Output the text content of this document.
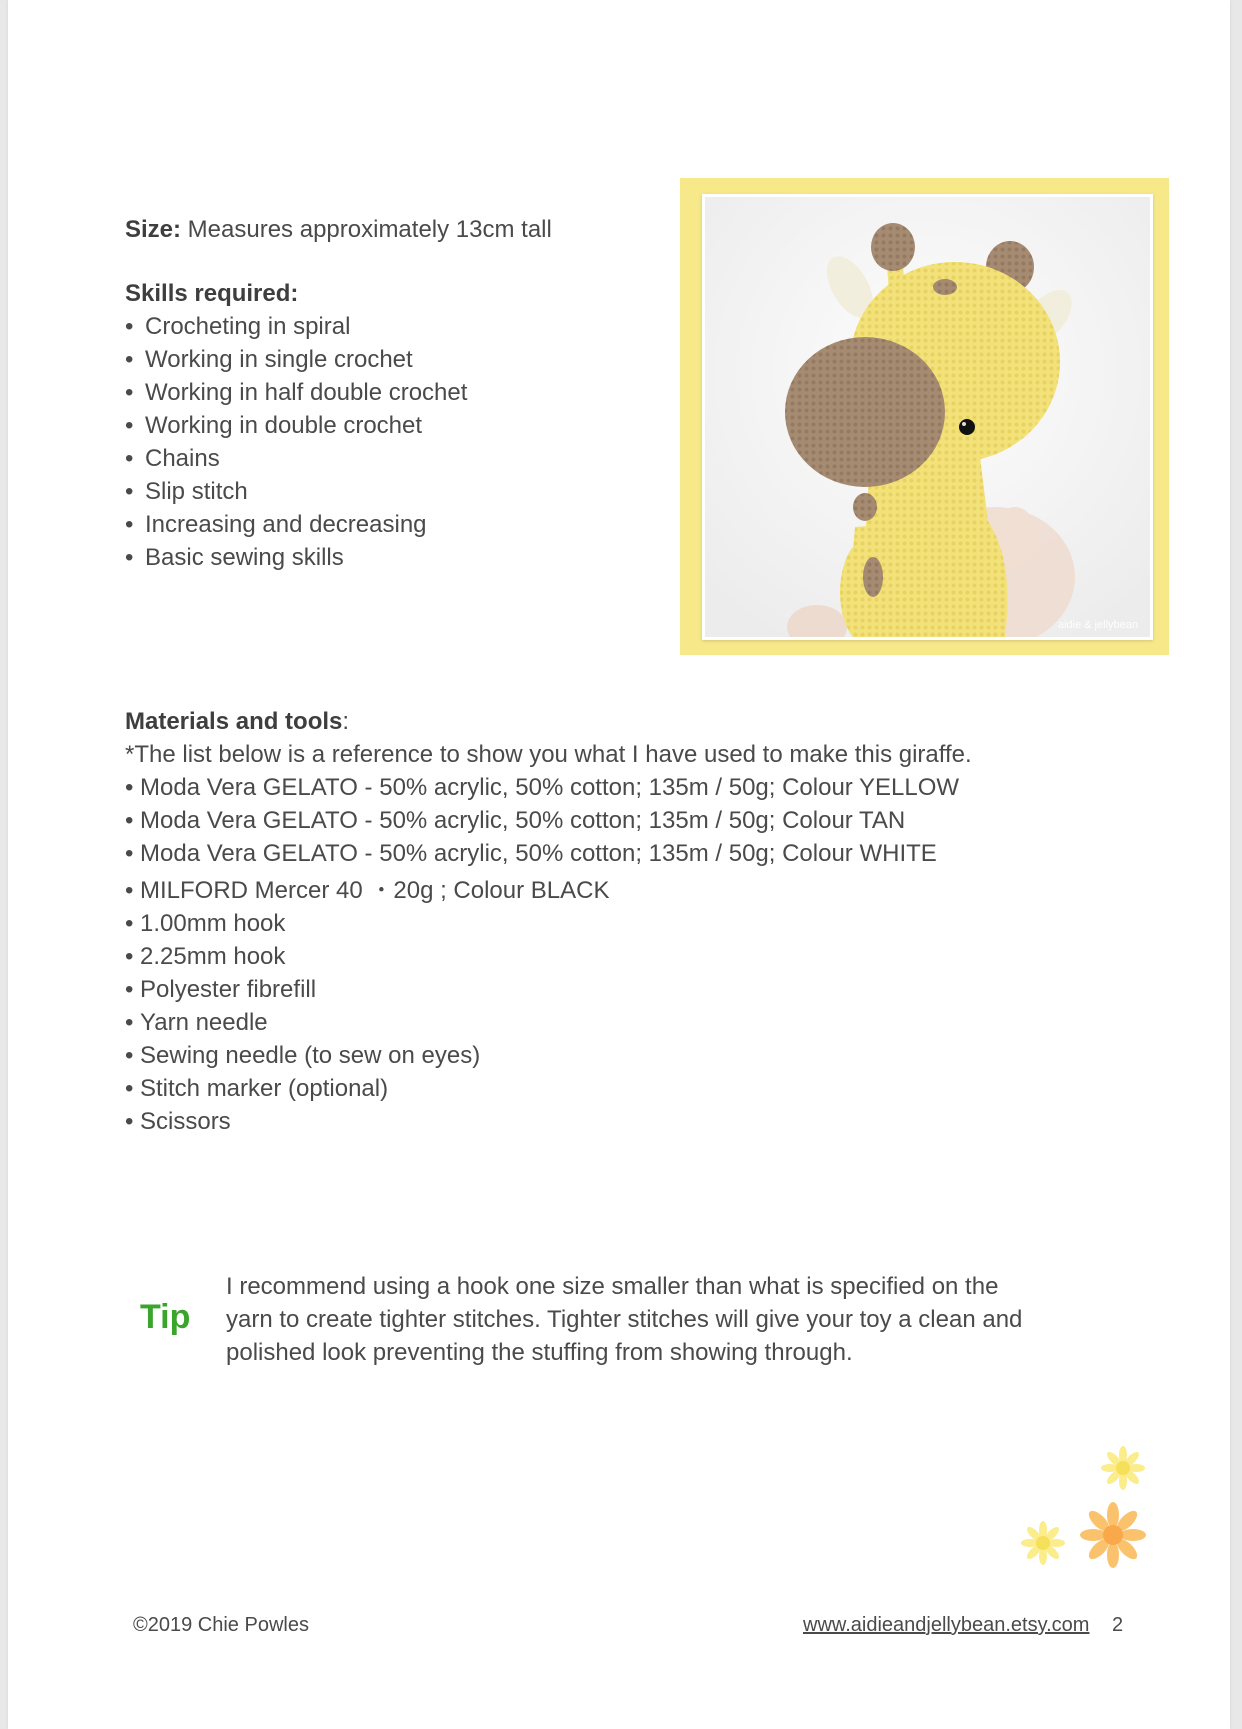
Size: Measures approximately 13cm tall
Skills required:
• Crocheting in spiral
• Working in single crochet
• Working in half double crochet
• Working in double crochet
• Chains
• Slip stitch
• Increasing and decreasing
• Basic sewing skills
aidie & jellybean
Materials and tools:
*The list below is a reference to show you what I have used to make this giraffe.
• Moda Vera GELATO - 50% acrylic, 50% cotton; 135m / 50g; Colour YELLOW
• Moda Vera GELATO - 50% acrylic, 50% cotton; 135m / 50g; Colour TAN
• Moda Vera GELATO - 50% acrylic, 50% cotton; 135m / 50g; Colour WHITE
• MILFORD Mercer 40 ・20g ; Colour BLACK
• 1.00mm hook
• 2.25mm hook
• Polyester fibrefill
• Yarn needle
• Sewing needle (to sew on eyes)
• Stitch marker (optional)
• Scissors
Tip
I recommend using a hook one size smaller than what is specified on the
yarn to create tighter stitches. Tighter stitches will give your toy a clean and
polished look preventing the stuffing from showing through.
©2019 Chie Powles	www.aidieandjellybean.etsy.com 2
